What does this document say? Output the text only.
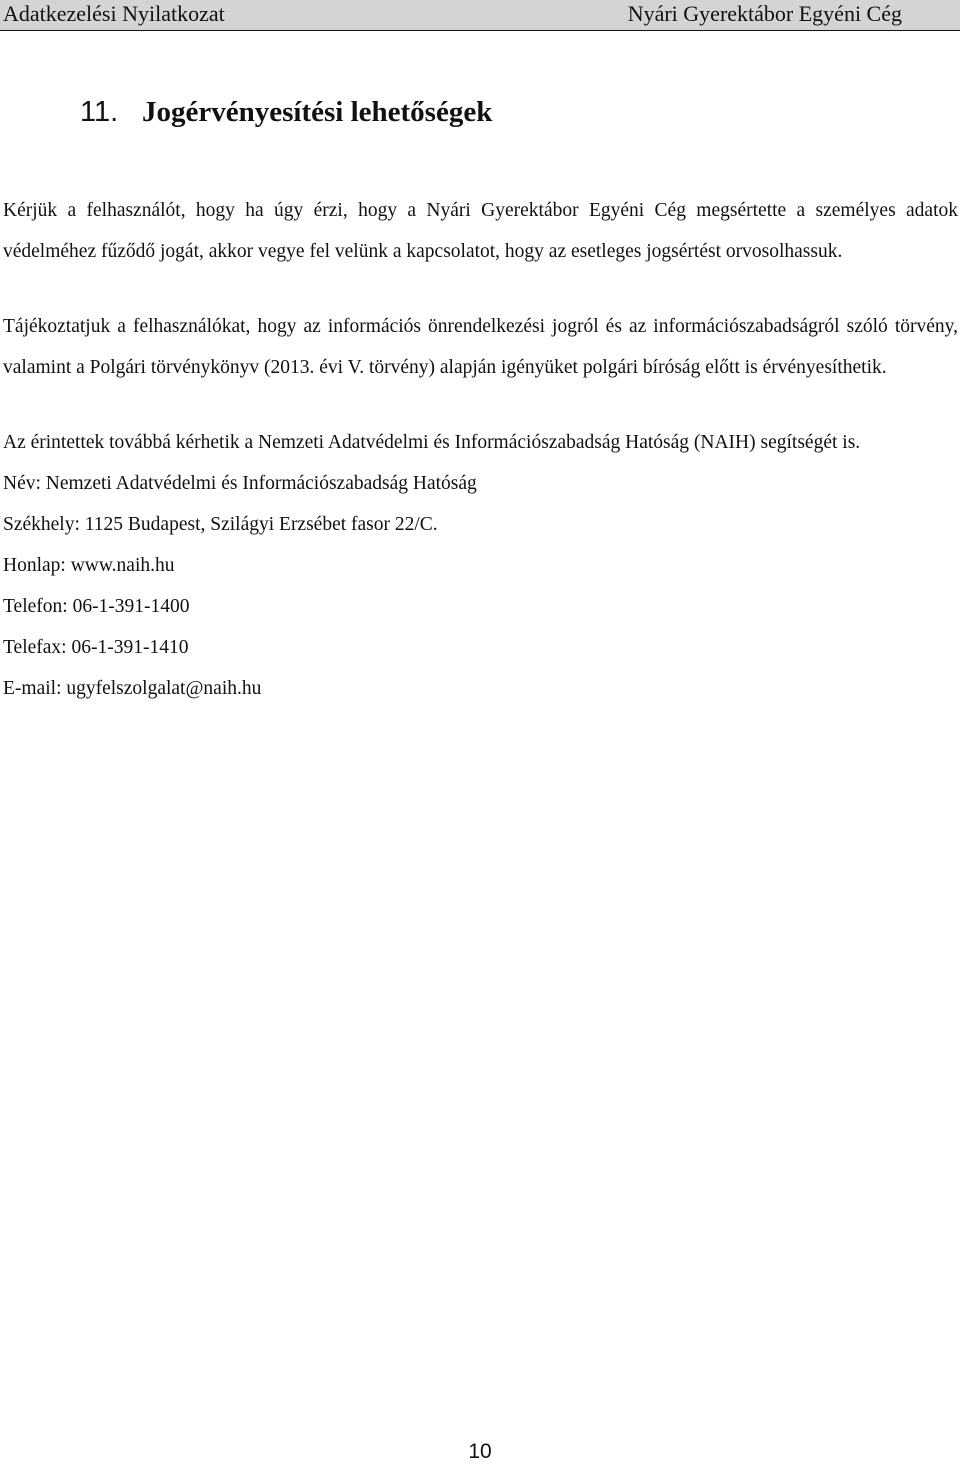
Adatkezelési Nyilatkozat	Nyári Gyerektábor Egyéni Cég
11. Jogérvényesítési lehetőségek

Kérjük a felhasználót, hogy ha úgy érzi, hogy a Nyári Gyerektábor Egyéni Cég megsértette a személyes adatok védelméhez fűződő jogát, akkor vegye fel velünk a kapcsolatot, hogy az esetleges jogsértést orvosolhassuk.

Tájékoztatjuk a felhasználókat, hogy az információs önrendelkezési jogról és az információszabadságról szóló törvény, valamint a Polgári törvénykönyv (2013. évi V. törvény) alapján igényüket polgári bíróság előtt is érvényesíthetik.

Az érintettek továbbá kérhetik a Nemzeti Adatvédelmi és Információszabadság Hatóság (NAIH) segítségét is.

Név: Nemzeti Adatvédelmi és Információszabadság Hatóság

Székhely: 1125 Budapest, Szilágyi Erzsébet fasor 22/C.

Honlap: www.naih.hu

Telefon: 06-1-391-1400

Telefax: 06-1-391-1410

E-mail: ugyfelszolgalat@naih.hu

10
